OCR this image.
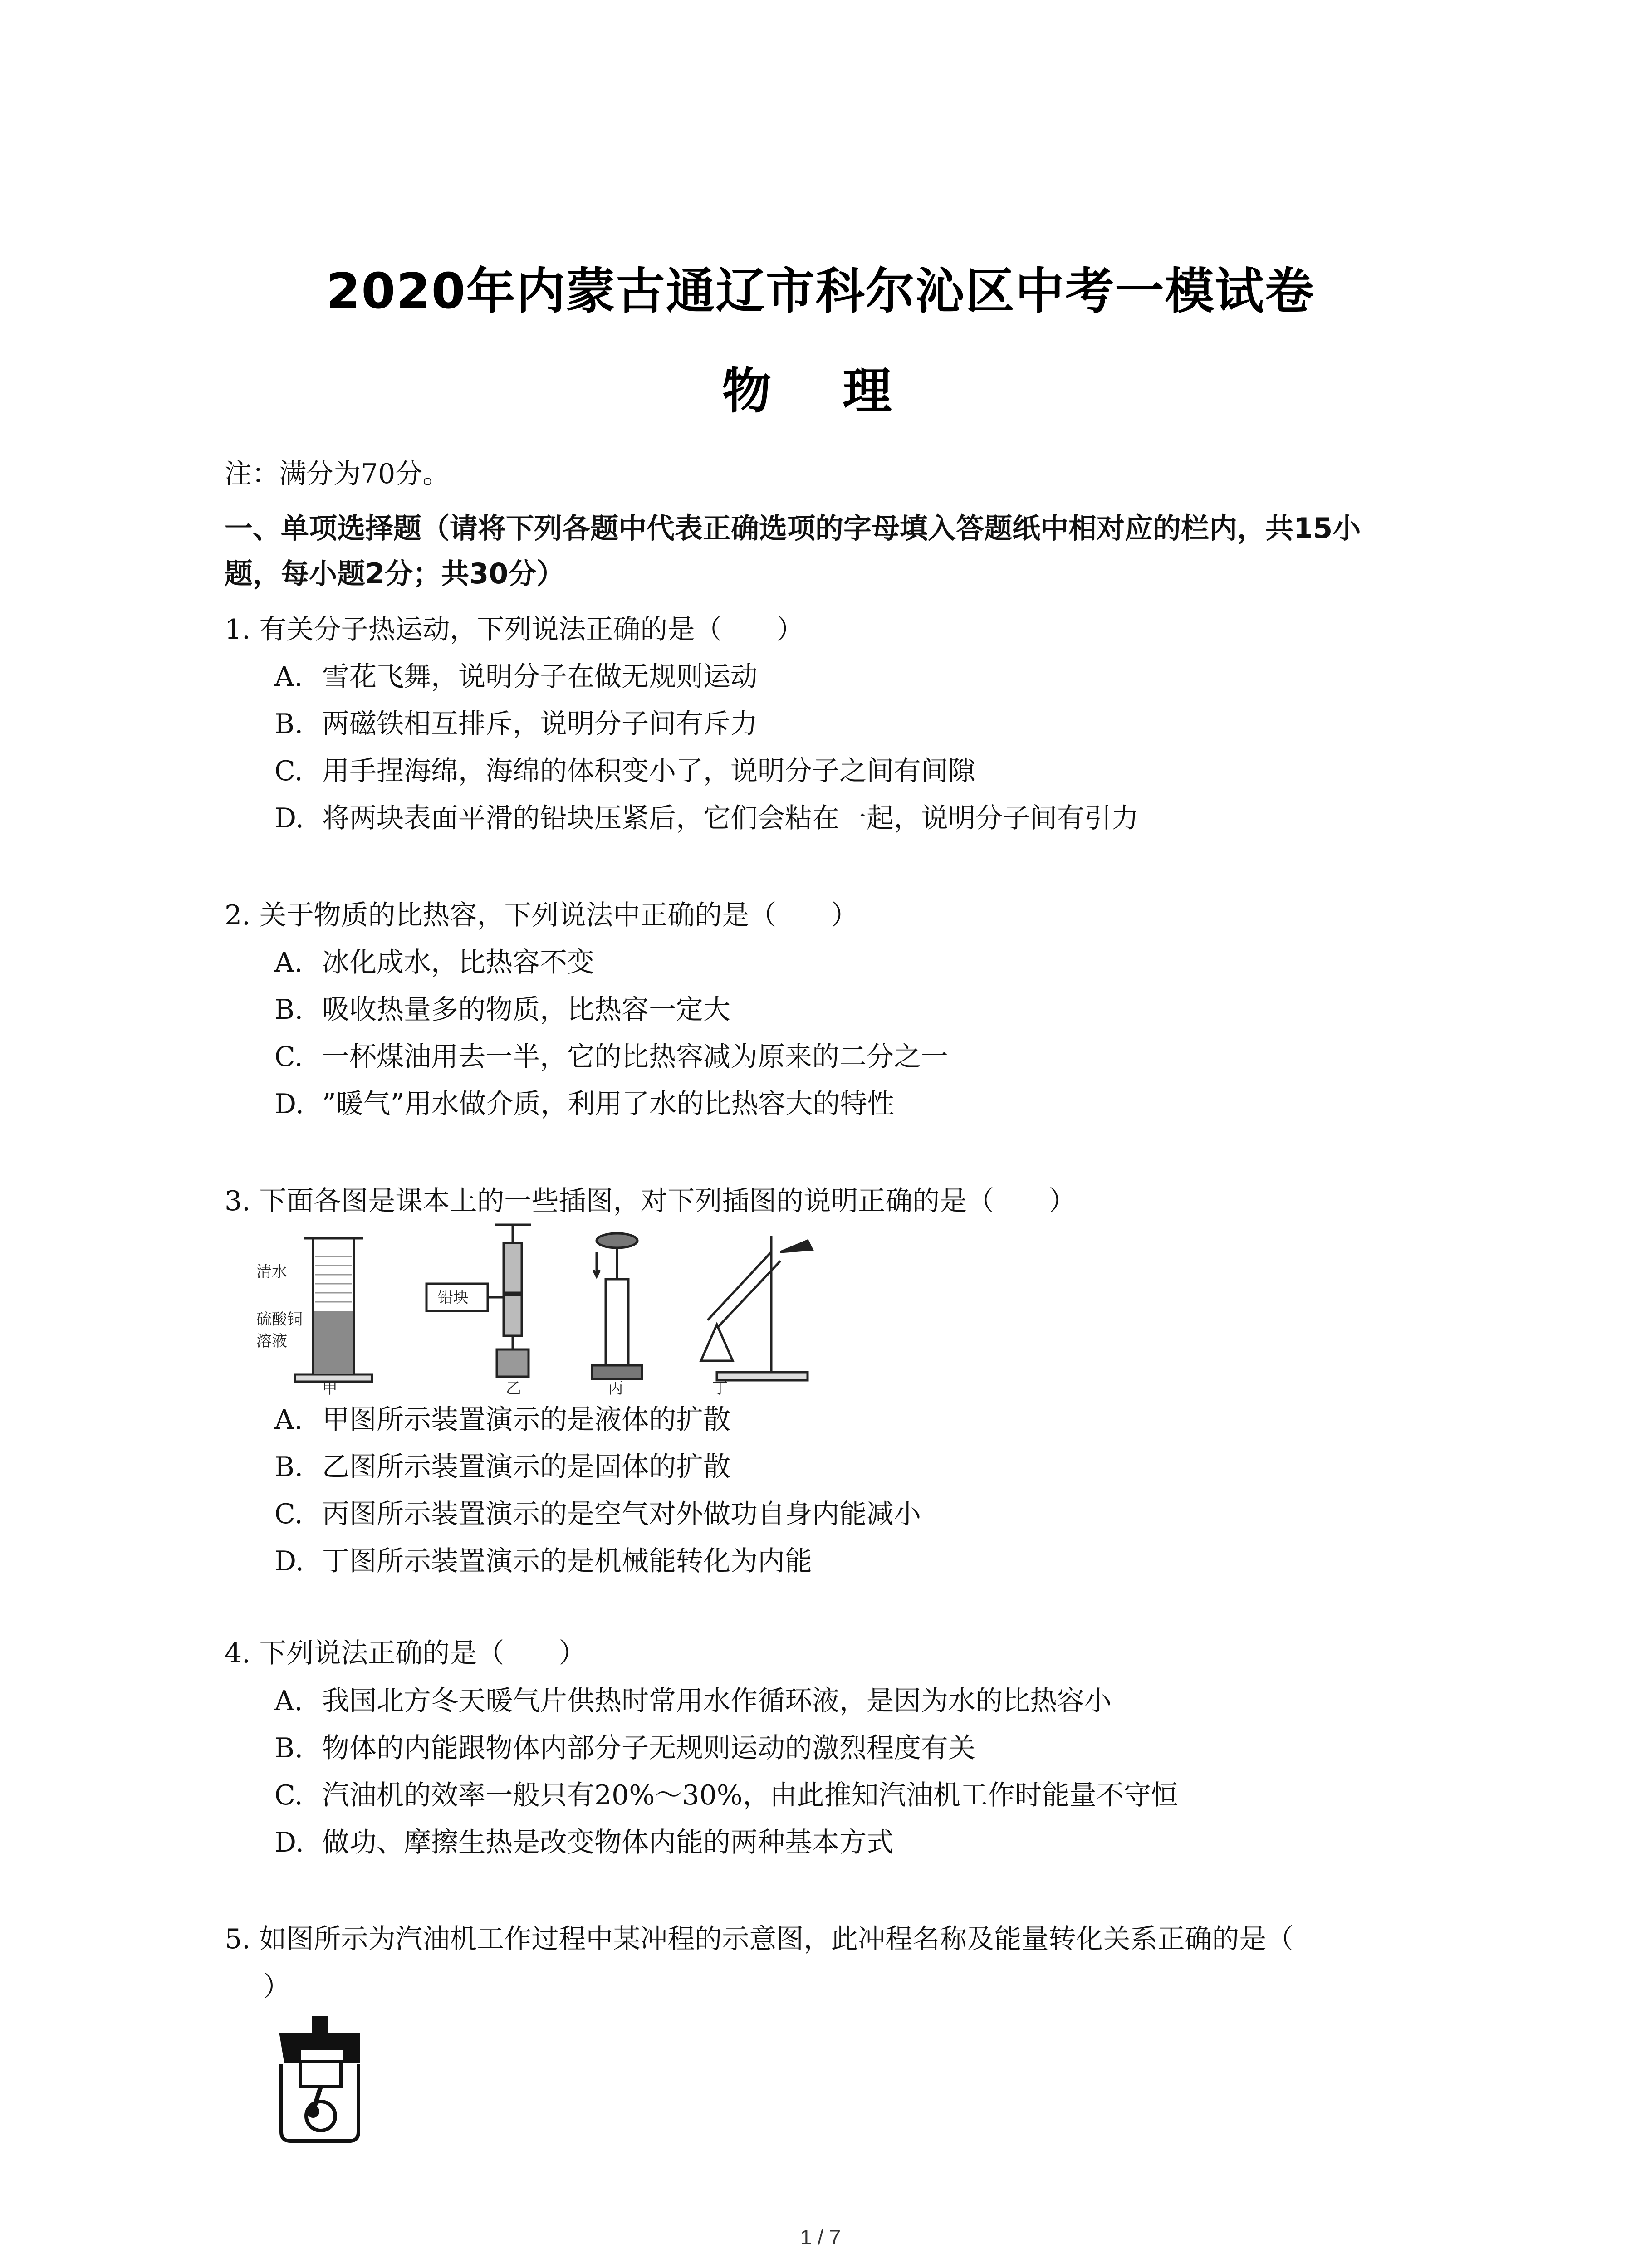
2020年内蒙古通辽市科尔沁区中考一模试卷
物 理
注：满分为70分。
一、单项选择题（请将下列各题中代表正确选项的字母填入答题纸中相对应的栏内，共15小
题，每小题2分；共30分）
1. 有关分子热运动，下列说法正确的是（　　）
A. 雪花飞舞，说明分子在做无规则运动
B. 两磁铁相互排斥，说明分子间有斥力
C. 用手捏海绵，海绵的体积变小了，说明分子之间有间隙
D. 将两块表面平滑的铅块压紧后，它们会粘在一起，说明分子间有引力
2. 关于物质的比热容，下列说法中正确的是（　　）
A. 冰化成水，比热容不变
B. 吸收热量多的物质，比热容一定大
C. 一杯煤油用去一半，它的比热容减为原来的二分之一
D. ”暖气”用水做介质，利用了水的比热容大的特性
3. 下面各图是课本上的一些插图，对下列插图的说明正确的是（　　）
清水
硫酸铜
溶液
甲
铅块
乙	丙	丁
A. 甲图所示装置演示的是液体的扩散
B. 乙图所示装置演示的是固体的扩散
C. 丙图所示装置演示的是空气对外做功自身内能减小
D. 丁图所示装置演示的是机械能转化为内能
4. 下列说法正确的是（　　）
A. 我国北方冬天暖气片供热时常用水作循环液，是因为水的比热容小
B. 物体的内能跟物体内部分子无规则运动的激烈程度有关
C. 汽油机的效率一般只有20%～30%，由此推知汽油机工作时能量不守恒
D. 做功、摩擦生热是改变物体内能的两种基本方式
5. 如图所示为汽油机工作过程中某冲程的示意图，此冲程名称及能量转化关系正确的是（
）
1 / 7
